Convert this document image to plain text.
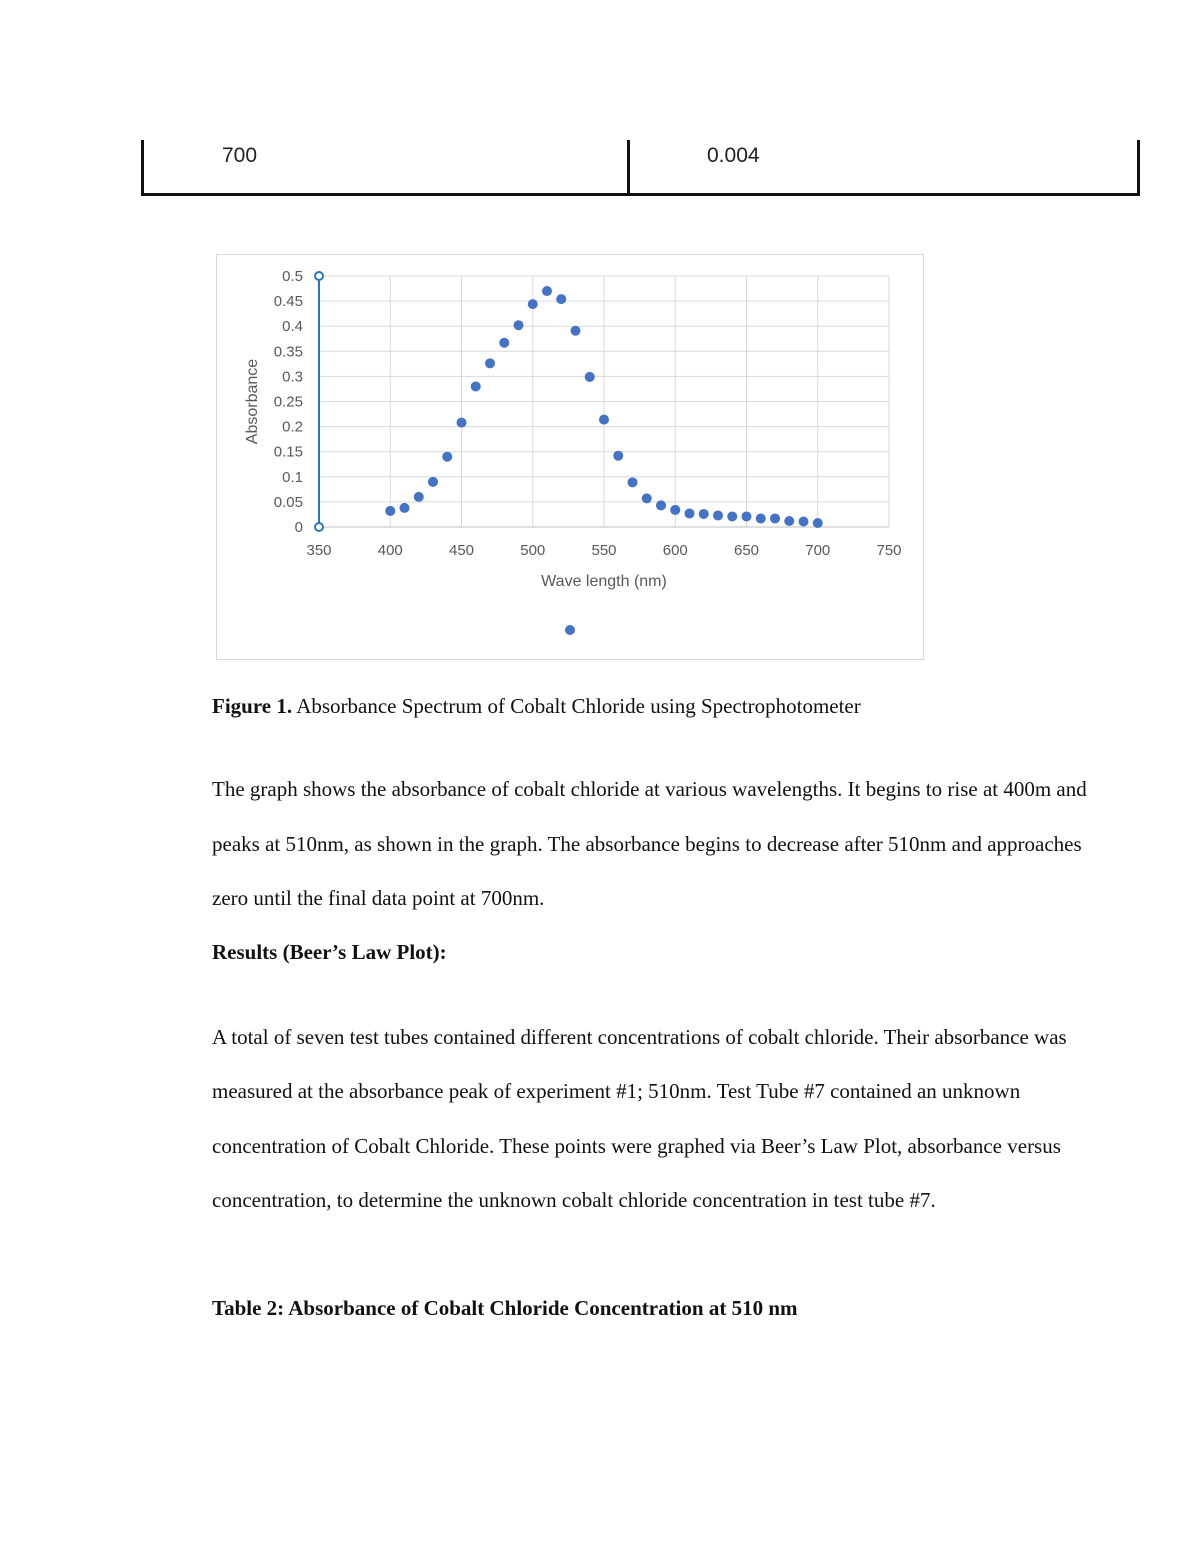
700	0.004
0
0.05
0.1
0.15
0.2
0.25
0.3
0.35
0.4
0.45
0.5
350	400	450	500	550	600	650	700	750
Wave length (nm)
Absorbance
Figure 1. Absorbance Spectrum of Cobalt Chloride using Spectrophotometer
The graph shows the absorbance of cobalt chloride at various wavelengths. It begins to rise at 400m and peaks at 510nm, as shown in the graph. The absorbance begins to decrease after 510nm and approaches zero until the final data point at 700nm.
Results (Beer’s Law Plot):
A total of seven test tubes contained different concentrations of cobalt chloride. Their absorbance was measured at the absorbance peak of experiment #1; 510nm. Test Tube #7 contained an unknown concentration of Cobalt Chloride. These points were graphed via Beer’s Law Plot, absorbance versus concentration, to determine the unknown cobalt chloride concentration in test tube #7.
Table 2: Absorbance of Cobalt Chloride Concentration at 510 nm
